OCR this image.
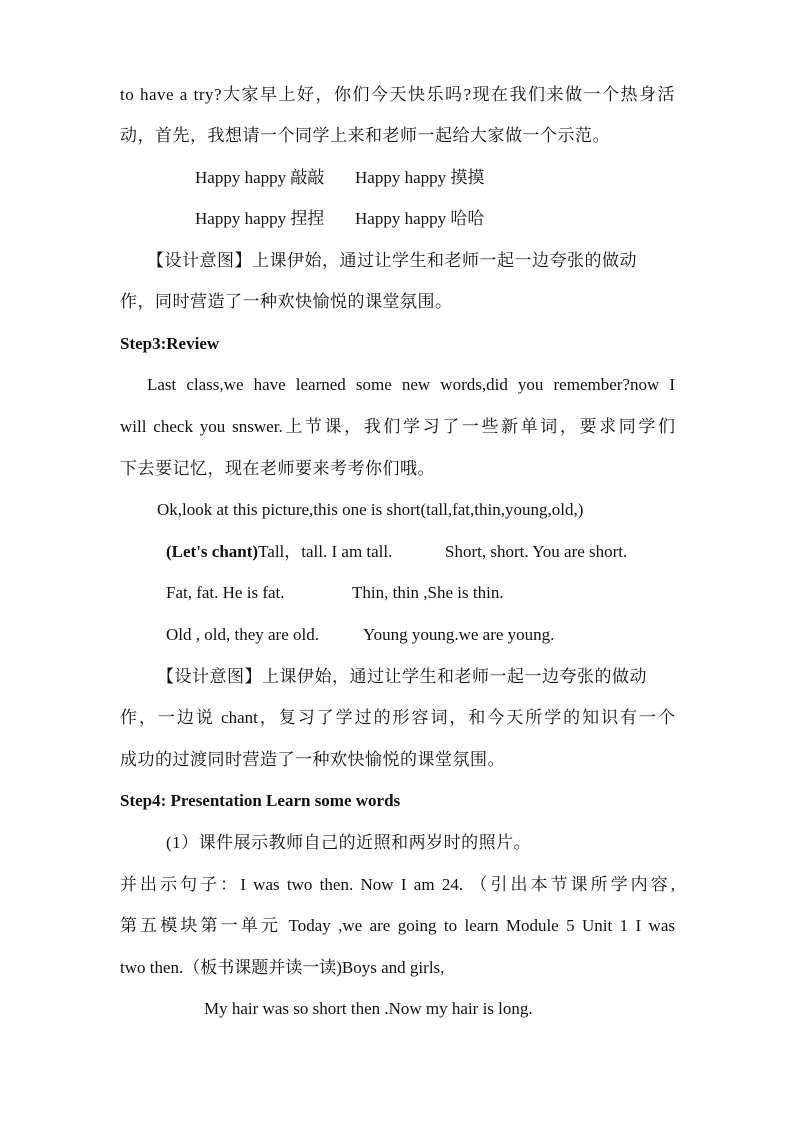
to have a try?大家早上好，你们今天快乐吗?现在我们来做一个热身活
动，首先，我想请一个同学上来和老师一起给大家做一个示范。
Happy happy 敲敲 Happy happy 摸摸
Happy happy 捏捏 Happy happy 哈哈
【设计意图】上课伊始，通过让学生和老师一起一边夸张的做动
作，同时营造了一种欢快愉悦的课堂氛围。
Step3:Review
Last class,we have learned some new words,did you remember?now I
will check you snswer.上节课，我们学习了一些新单词，要求同学们
下去要记忆，现在老师要来考考你们哦。
Ok,look at this picture,this one is short(tall,fat,thin,young,old,)
(Let's chant)Tall，tall. I am tall.	Short, short. You are short.
Fat, fat. He is fat.	Thin, thin ,She is thin.
Old , old, they are old.	Young young.we are young.
【设计意图】上课伊始，通过让学生和老师一起一边夸张的做动
作，一边说 chant，复习了学过的形容词，和今天所学的知识有一个
成功的过渡同时营造了一种欢快愉悦的课堂氛围。
Step4: Presentation Learn some words
(1）课件展示教师自己的近照和两岁时的照片。
并出示句子：I was two then. Now I am 24. （引出本节课所学内容,
第五模块第一单元 Today ,we are going to learn Module 5 Unit 1 I was
two then.（板书课题并读一读)Boys and girls,
My hair was so short then .Now my hair is long.
